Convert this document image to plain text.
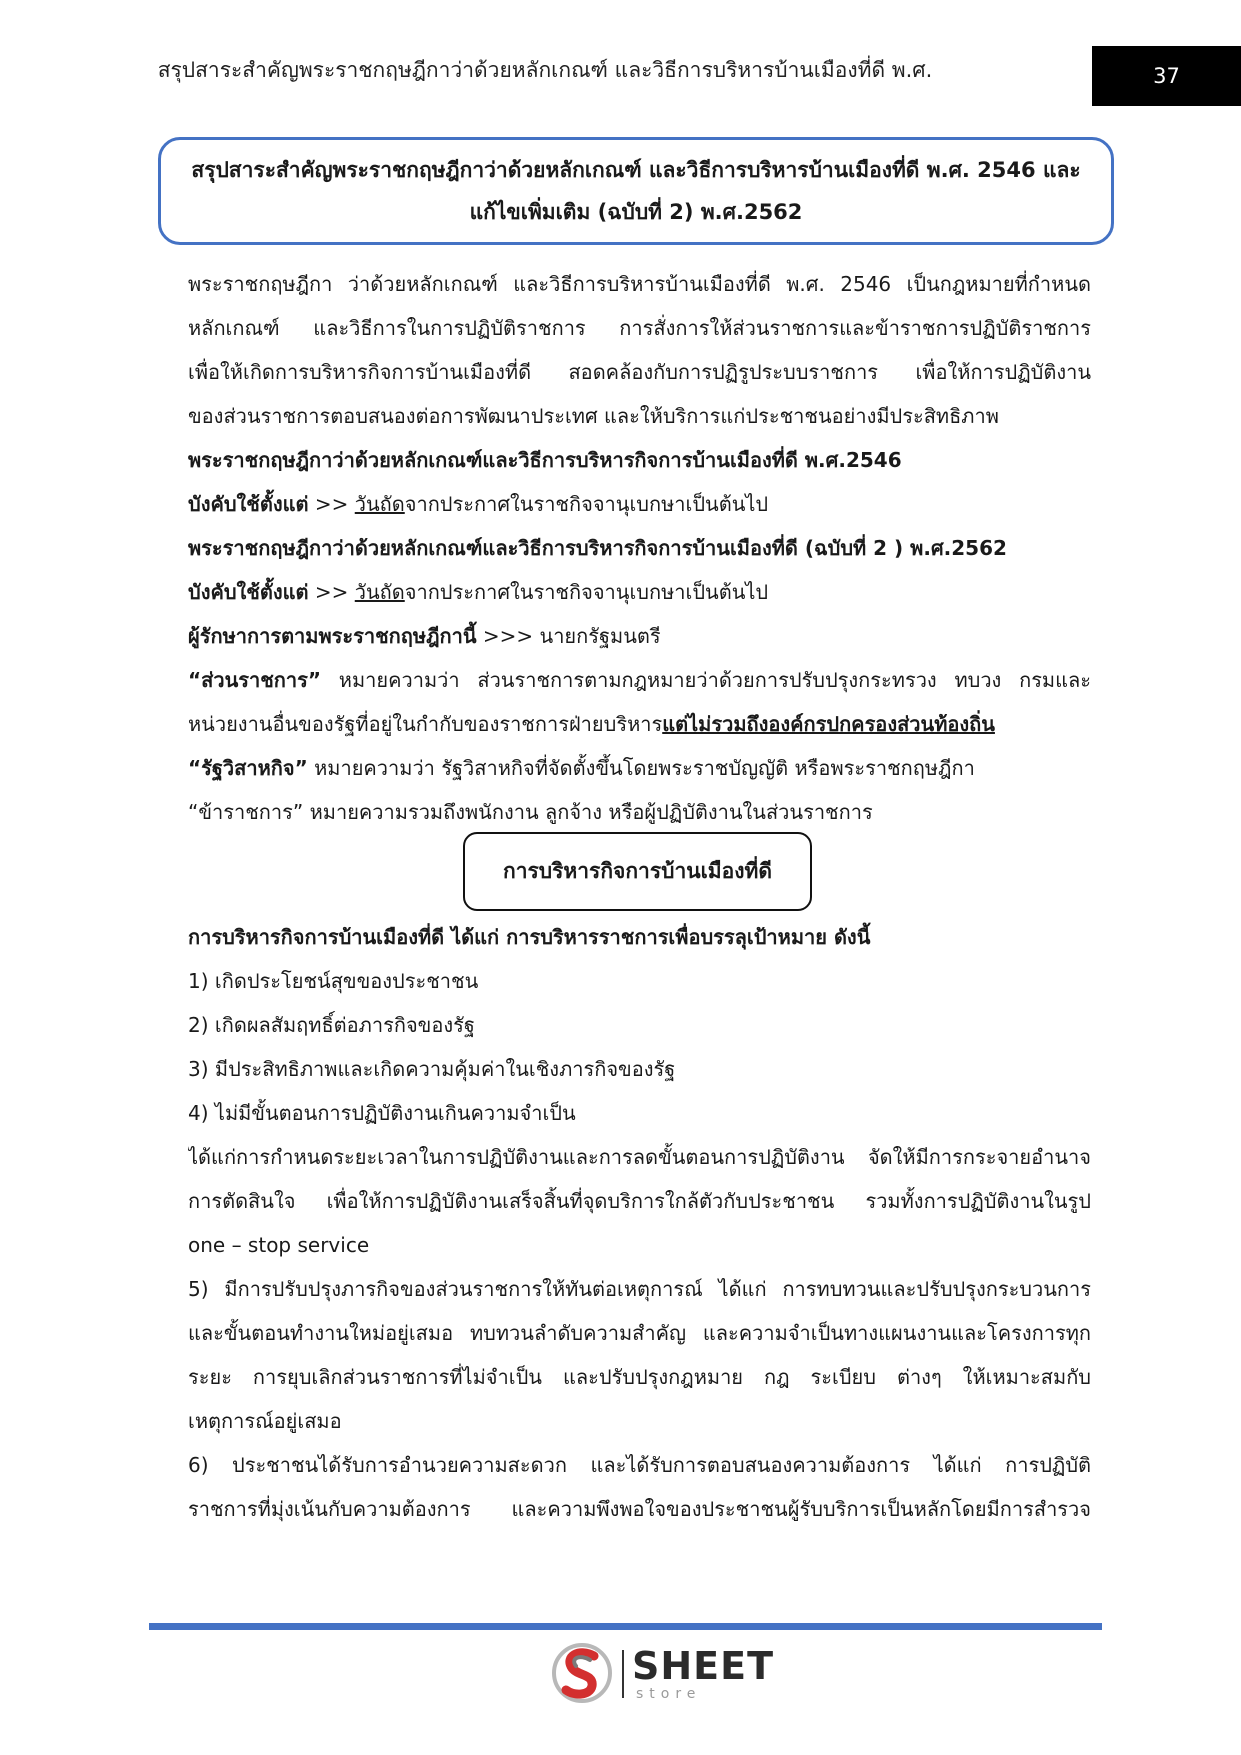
สรุปสาระสำคัญพระราชกฤษฎีกาว่าด้วยหลักเกณฑ์ และวิธีการบริหารบ้านเมืองที่ดี พ.ศ.	37
สรุปสาระสำคัญพระราชกฤษฎีกาว่าด้วยหลักเกณฑ์ และวิธีการบริหารบ้านเมืองที่ดี พ.ศ. 2546 และ
แก้ไขเพิ่มเติม (ฉบับที่ 2) พ.ศ.2562
พระราชกฤษฎีกา ว่าด้วยหลักเกณฑ์ และวิธีการบริหารบ้านเมืองที่ดี พ.ศ. 2546 เป็นกฎหมายที่กำหนด
หลักเกณฑ์ และวิธีการในการปฏิบัติราชการ การสั่งการให้ส่วนราชการและข้าราชการปฏิบัติราชการ
เพื่อให้เกิดการบริหารกิจการบ้านเมืองที่ดี สอดคล้องกับการปฏิรูประบบราชการ เพื่อให้การปฏิบัติงาน
ของส่วนราชการตอบสนองต่อการพัฒนาประเทศ และให้บริการแก่ประชาชนอย่างมีประสิทธิภาพ
พระราชกฤษฎีกาว่าด้วยหลักเกณฑ์และวิธีการบริหารกิจการบ้านเมืองที่ดี พ.ศ.2546
บังคับใช้ตั้งแต่ >> วันถัดจากประกาศในราชกิจจานุเบกษาเป็นต้นไป
พระราชกฤษฎีกาว่าด้วยหลักเกณฑ์และวิธีการบริหารกิจการบ้านเมืองที่ดี (ฉบับที่ 2 ) พ.ศ.2562
บังคับใช้ตั้งแต่ >> วันถัดจากประกาศในราชกิจจานุเบกษาเป็นต้นไป
ผู้รักษาการตามพระราชกฤษฎีกานี้ >>> นายกรัฐมนตรี
“ส่วนราชการ” หมายความว่า ส่วนราชการตามกฎหมายว่าด้วยการปรับปรุงกระทรวง ทบวง กรมและ
หน่วยงานอื่นของรัฐที่อยู่ในกำกับของราชการฝ่ายบริหารแต่ไม่รวมถึงองค์กรปกครองส่วนท้องถิ่น
“รัฐวิสาหกิจ” หมายความว่า รัฐวิสาหกิจที่จัดตั้งขึ้นโดยพระราชบัญญัติ หรือพระราชกฤษฎีกา
“ข้าราชการ” หมายความรวมถึงพนักงาน ลูกจ้าง หรือผู้ปฏิบัติงานในส่วนราชการ
การบริหารกิจการบ้านเมืองที่ดี
การบริหารกิจการบ้านเมืองที่ดี ได้แก่ การบริหารราชการเพื่อบรรลุเป้าหมาย ดังนี้
1) เกิดประโยชน์สุขของประชาชน
2) เกิดผลสัมฤทธิ์ต่อภารกิจของรัฐ
3) มีประสิทธิภาพและเกิดความคุ้มค่าในเชิงภารกิจของรัฐ
4) ไม่มีขั้นตอนการปฏิบัติงานเกินความจำเป็น
ได้แก่การกำหนดระยะเวลาในการปฏิบัติงานและการลดขั้นตอนการปฏิบัติงาน จัดให้มีการกระจายอำนาจ
การตัดสินใจ เพื่อให้การปฏิบัติงานเสร็จสิ้นที่จุดบริการใกล้ตัวกับประชาชน รวมทั้งการปฏิบัติงานในรูป
one – stop service
5) มีการปรับปรุงภารกิจของส่วนราชการให้ทันต่อเหตุการณ์ ได้แก่ การทบทวนและปรับปรุงกระบวนการ
และขั้นตอนทำงานใหม่อยู่เสมอ ทบทวนลำดับความสำคัญ และความจำเป็นทางแผนงานและโครงการทุก
ระยะ การยุบเลิกส่วนราชการที่ไม่จำเป็น และปรับปรุงกฎหมาย กฎ ระเบียบ ต่างๆ ให้เหมาะสมกับ
เหตุการณ์อยู่เสมอ
6) ประชาชนได้รับการอำนวยความสะดวก และได้รับการตอบสนองความต้องการ ได้แก่ การปฏิบัติ
ราชการที่มุ่งเน้นกับความต้องการ และความพึงพอใจของประชาชนผู้รับบริการเป็นหลักโดยมีการสำรวจ
SHEET
store
